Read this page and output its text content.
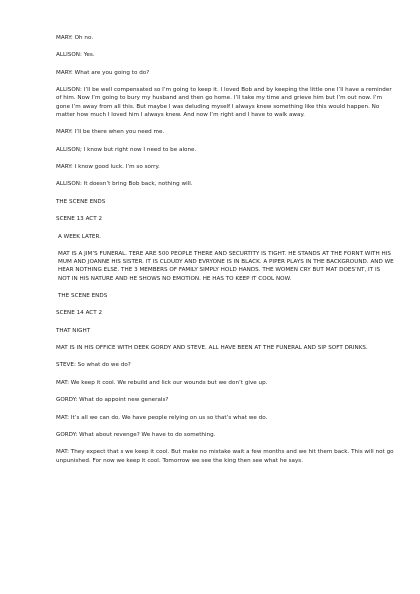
MARY: Oh no.

ALLISON: Yes.

MARY: What are you going to do?

ALLISON: I’ll be well compensated so I’m going to keep it. I loved Bob and by keeping the little one I’ll have a reminder of him. Now I’m going to bury my husband and then go home. I’ll take my time and grieve him but I’m out now. I’m gone I’m away from all this. But maybe I was deluding myself I always knew something like this would happen. No matter how much I loved him I always knew. And now I’m right and I have to walk away.

MARY: I’ll be there when you need me.

ALLISON; I know but right now I need to be alone.

MARY: I know good luck. I’m so sorry.

ALLISON: It doesn’t bring Bob back, nothing will.

THE SCENE ENDS

SCENE 13 ACT 2

A WEEK LATER.

MAT IS A JIM’S FUNERAL. TERE ARE 500 PEOPLE THERE AND SECURTITY IS TIGHT. HE STANDS AT THE FORNT WITH HIS MUM AND JOANNE HIS SISTER. IT IS CLOUDY AND EVRYONE IS IN BLACK. A PIPER PLAYS IN THE BACKGROUND. AND WE HEAR NOTHING ELSE. THE 3 MEMBERS OF FAMILY SIMPLY HOLD HANDS. THE WOMEN CRY BUT MAT DOES’NT, IT IS NOT IN HIS NATURE AND HE SHOWS NO EMOTION. HE HAS TO KEEP IT COOL NOW.

THE SCENE ENDS

SCENE 14 ACT 2

THAT NIGHT

MAT IS IN HIS OFFICE WITH DEEK GORDY AND STEVE. ALL HAVE BEEN AT THE FUNERAL AND SIP SOFT DRINKS.

STEVE: So what do we do?

MAT: We keep it cool. We rebuild and lick our wounds but we don’t give up.

GORDY: What do appoint new generals?

MAT: It’s all we can do. We have people relying on us so that’s what we do.

GORDY: What about revenge? We have to do something.

MAT: They expect that s we keep it cool. But make no mistake wait a few months and we hit them back. This will not go unpunished. For now we keep it cool. Tomorrow we see the king then see what he says.
